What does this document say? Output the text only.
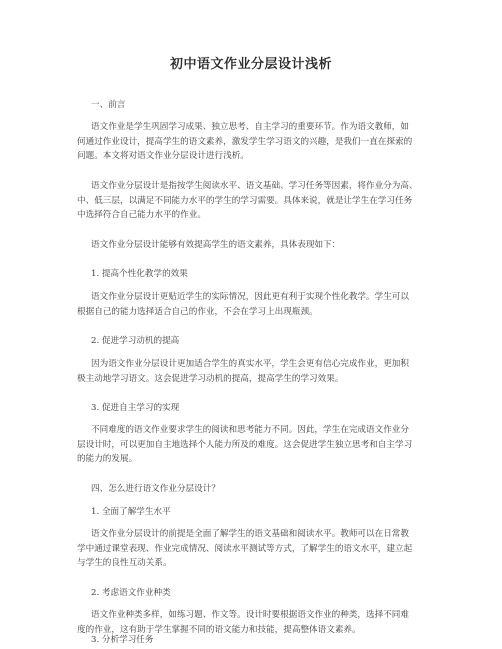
初中语文作业分层设计浅析
一、前言
语文作业是学生巩固学习成果、独立思考、自主学习的重要环节。作为语文教师，如
何通过作业设计，提高学生的语文素养，激发学生学习语文的兴趣，是我们一直在探索的
问题。本文将对语文作业分层设计进行浅析。
语文作业分层设计是指按学生阅读水平、语文基础、学习任务等因素，将作业分为高、
中、低三层，以满足不同能力水平的学生的学习需要。具体来说，就是让学生在学习任务
中选择符合自己能力水平的作业。
语文作业分层设计能够有效提高学生的语文素养，具体表现如下：
1. 提高个性化教学的效果
语文作业分层设计更贴近学生的实际情况，因此更有利于实现个性化教学。学生可以
根据自己的能力选择适合自己的作业，不会在学习上出现瓶颈。
2. 促进学习动机的提高
因为语文作业分层设计更加适合学生的真实水平，学生会更有信心完成作业，更加积
极主动地学习语文。这会促进学习动机的提高，提高学生的学习效果。
3. 促进自主学习的实现
不同难度的语文作业要求学生的阅读和思考能力不同。因此，学生在完成语文作业分
层设计时，可以更加自主地选择个人能力所及的难度。这会促进学生独立思考和自主学习
的能力的发展。
四、怎么进行语文作业分层设计？
1. 全面了解学生水平
语文作业分层设计的前提是全面了解学生的语文基础和阅读水平。教师可以在日常教
学中通过课堂表现、作业完成情况、阅读水平测试等方式，了解学生的语文水平，建立起
与学生的良性互动关系。
2. 考虑语文作业种类
语文作业种类多样，如练习题、作文等。设计时要根据语文作业的种类，选择不同难
度的作业，这有助于学生掌握不同的语文能力和技能，提高整体语文素养。
3. 分析学习任务
